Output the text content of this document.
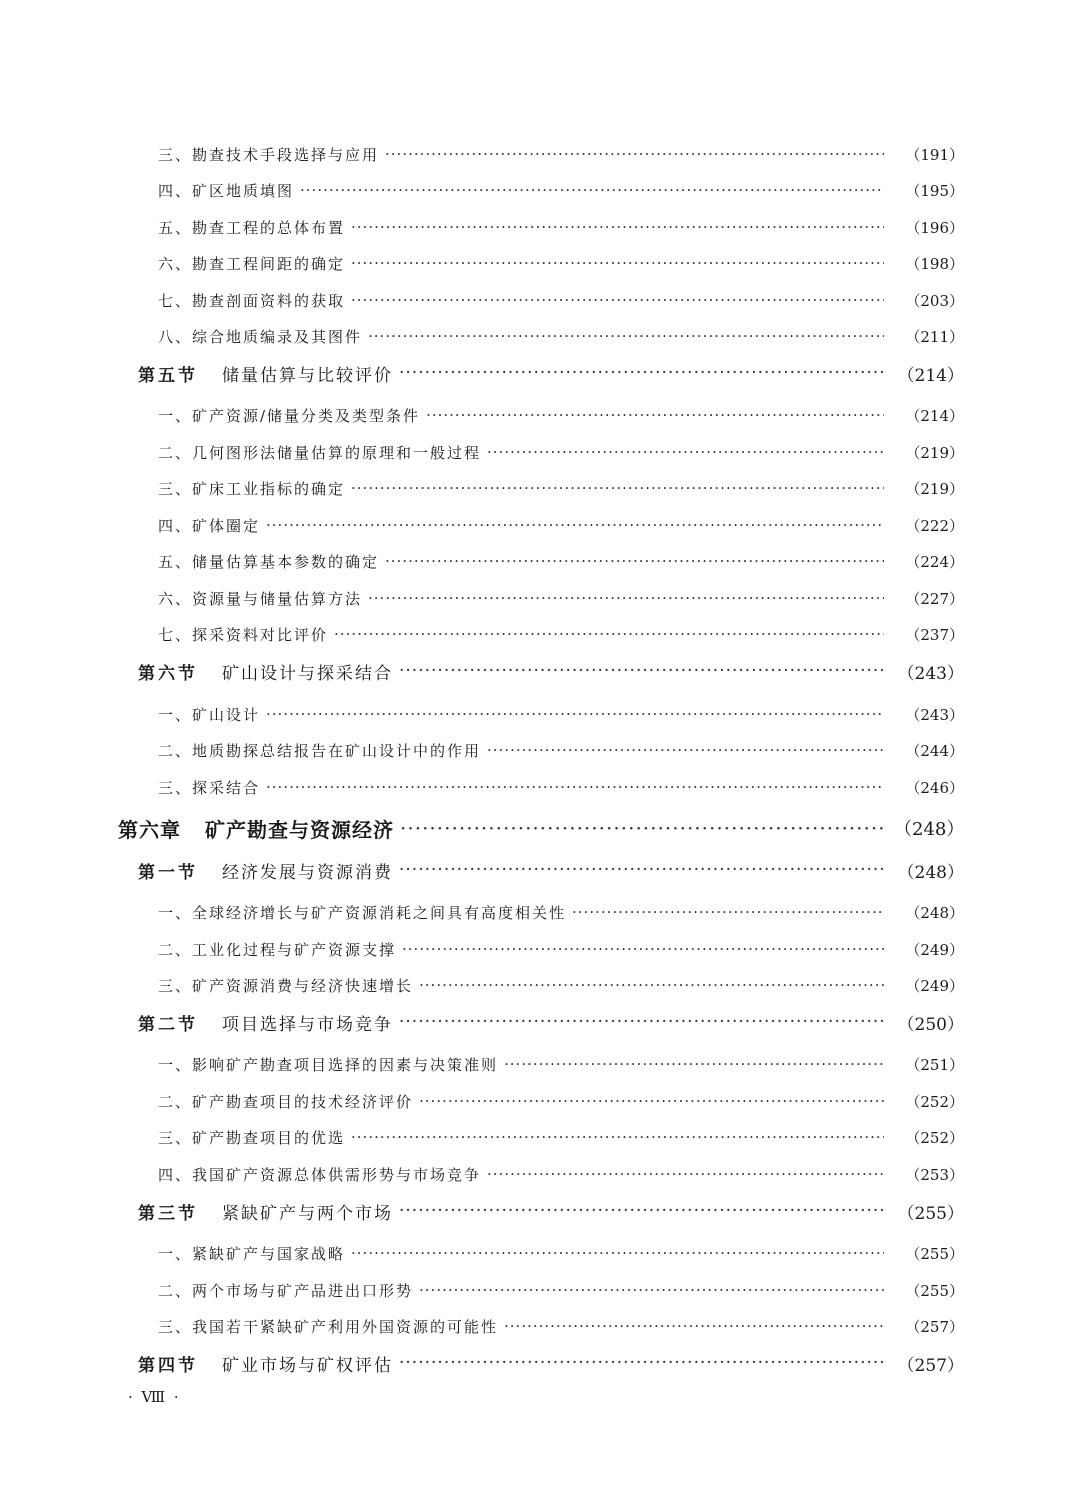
三、勘查技术手段选择与应用 ·····	（191）
四、矿区地质填图 ·····	（195）
五、勘查工程的总体布置 ·····	（196）
六、勘查工程间距的确定 ·····	（198）
七、勘查剖面资料的获取 ·····	（203）
八、综合地质编录及其图件 ·····	（211）
第五节 储量估算与比较评价 ·····	（214）
一、矿产资源/储量分类及类型条件 ·····	（214）
二、几何图形法储量估算的原理和一般过程 ·····	（219）
三、矿床工业指标的确定 ·····	（219）
四、矿体圈定 ·····	（222）
五、储量估算基本参数的确定 ·····	（224）
六、资源量与储量估算方法 ·····	（227）
七、探采资料对比评价 ·····	（237）
第六节 矿山设计与探采结合 ·····	（243）
一、矿山设计 ·····	（243）
二、地质勘探总结报告在矿山设计中的作用 ·····	（244）
三、探采结合 ·····	（246）
第六章 矿产勘查与资源经济 ·····	（248）
第一节 经济发展与资源消费 ·····	（248）
一、全球经济增长与矿产资源消耗之间具有高度相关性 ·····	（248）
二、工业化过程与矿产资源支撑 ·····	（249）
三、矿产资源消费与经济快速增长 ·····	（249）
第二节 项目选择与市场竞争 ·····	（250）
一、影响矿产勘查项目选择的因素与决策准则 ·····	（251）
二、矿产勘查项目的技术经济评价 ·····	（252）
三、矿产勘查项目的优选 ·····	（252）
四、我国矿产资源总体供需形势与市场竞争 ·····	（253）
第三节 紧缺矿产与两个市场 ·····	（255）
一、紧缺矿产与国家战略 ·····	（255）
二、两个市场与矿产品进出口形势 ·····	（255）
三、我国若干紧缺矿产利用外国资源的可能性 ·····	（257）
第四节 矿业市场与矿权评估 ·····	（257）
· Ⅷ ·
